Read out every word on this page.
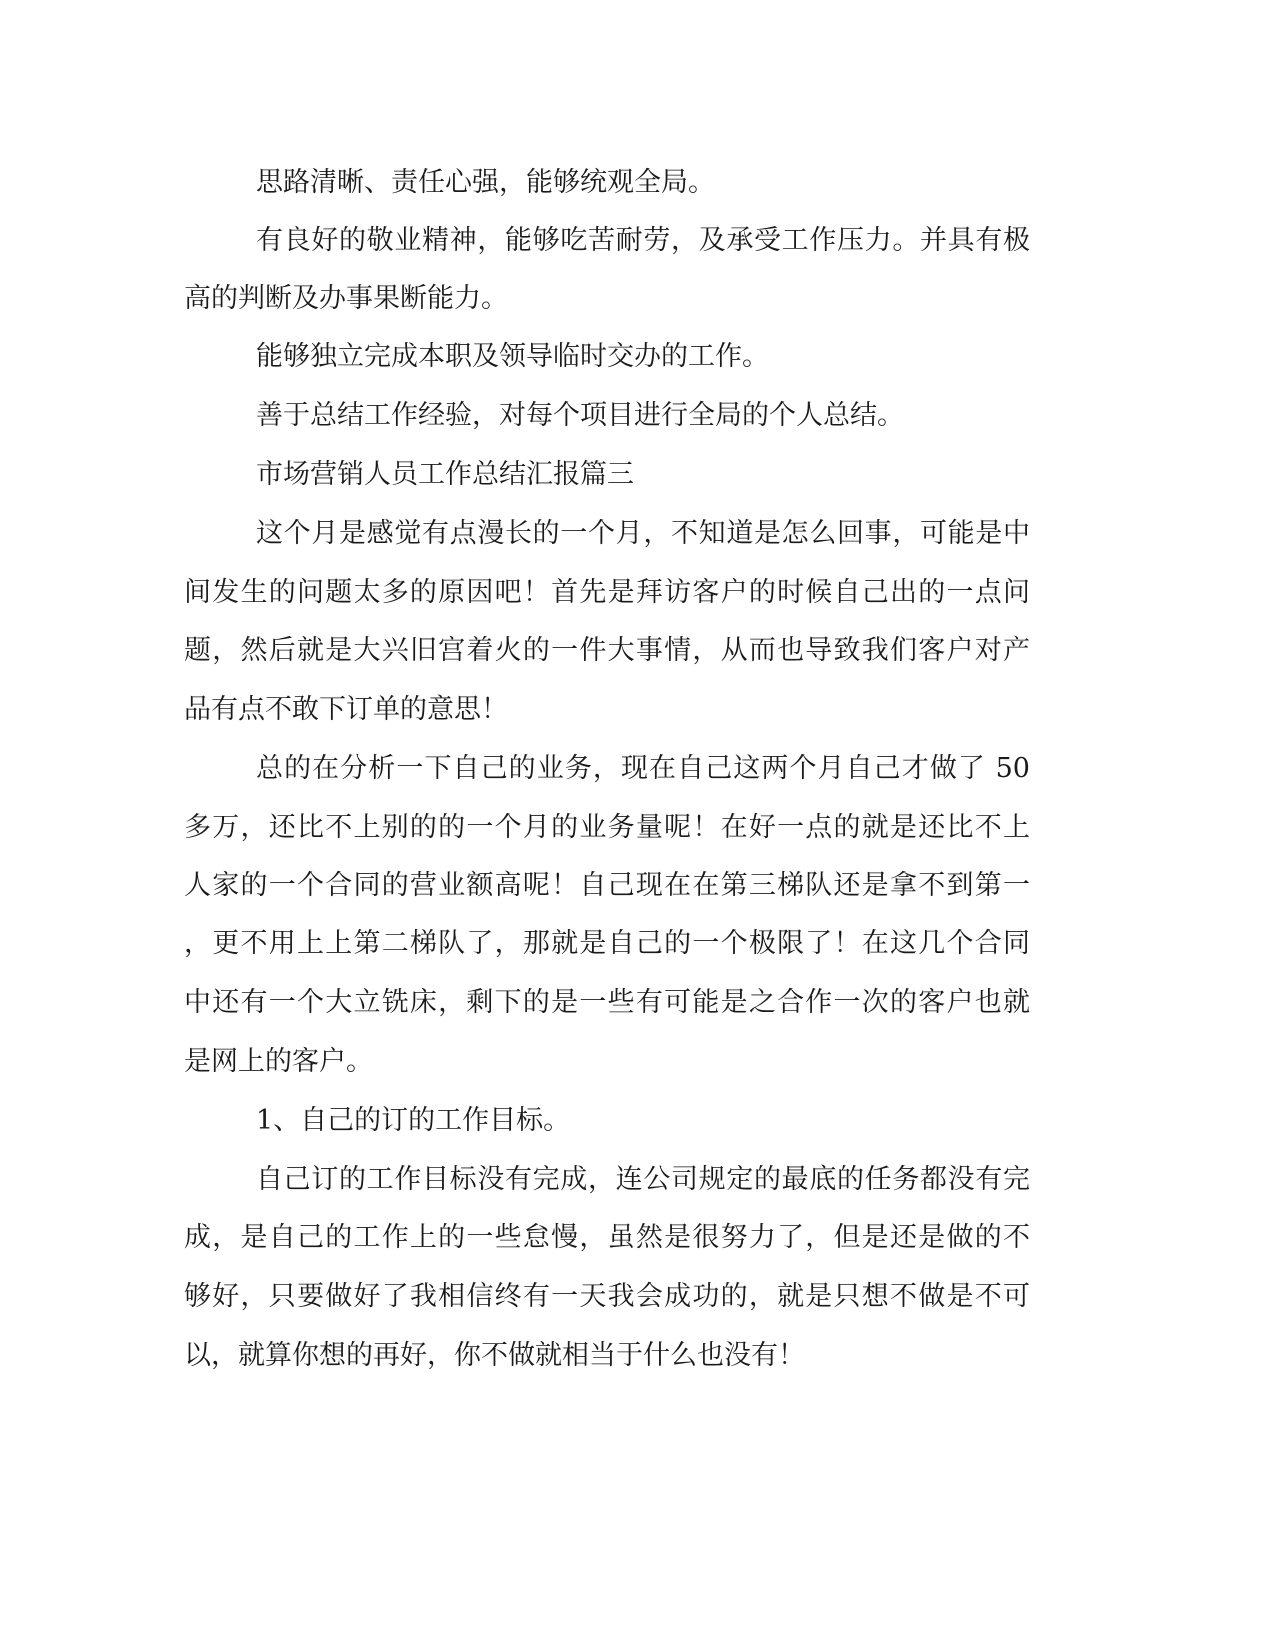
思路清晰、责任心强，能够统观全局。

有良好的敬业精神，能够吃苦耐劳，及承受工作压力。并具有极

高的判断及办事果断能力。

能够独立完成本职及领导临时交办的工作。

善于总结工作经验，对每个项目进行全局的个人总结。

市场营销人员工作总结汇报篇三

这个月是感觉有点漫长的一个月，不知道是怎么回事，可能是中

间发生的问题太多的原因吧！首先是拜访客户的时候自己出的一点问

题，然后就是大兴旧宫着火的一件大事情，从而也导致我们客户对产

品有点不敢下订单的意思！

总的在分析一下自己的业务，现在自己这两个月自己才做了 50

多万，还比不上别的的一个月的业务量呢！在好一点的就是还比不上

人家的一个合同的营业额高呢！自己现在在第三梯队还是拿不到第一

，更不用上上第二梯队了，那就是自己的一个极限了！在这几个合同

中还有一个大立铣床，剩下的是一些有可能是之合作一次的客户也就

是网上的客户。

1、自己的订的工作目标。

自己订的工作目标没有完成，连公司规定的最底的任务都没有完

成，是自己的工作上的一些怠慢，虽然是很努力了，但是还是做的不

够好，只要做好了我相信终有一天我会成功的，就是只想不做是不可

以，就算你想的再好，你不做就相当于什么也没有！
